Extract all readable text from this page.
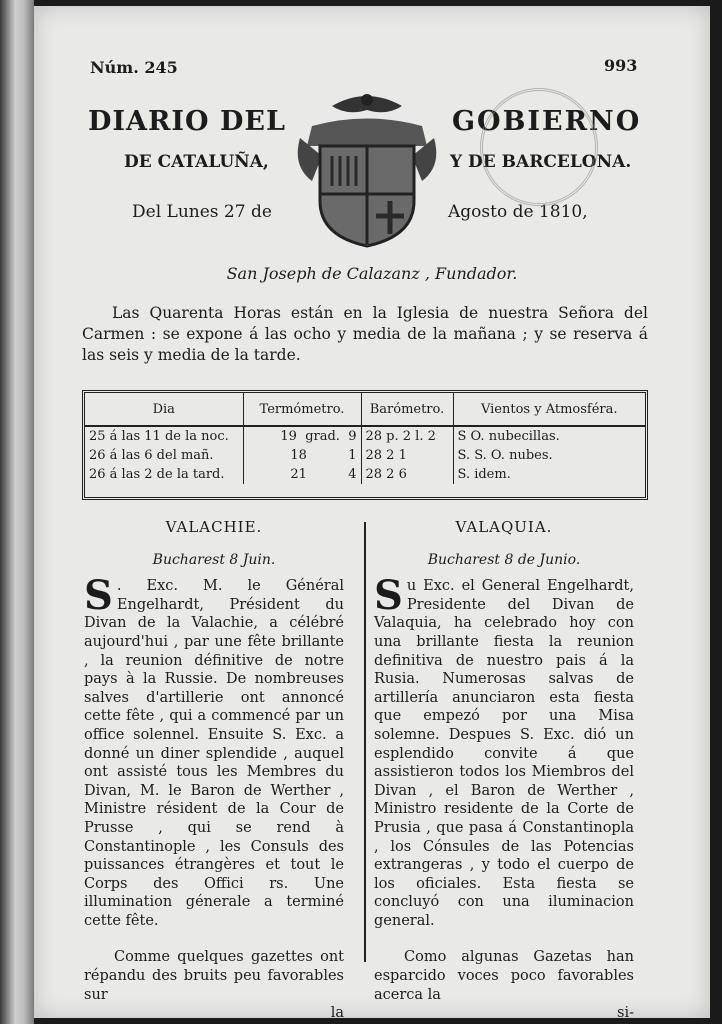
Núm. 245	993
DIARIO DEL	GOBIERNO
DE CATALUÑA,	Y DE BARCELONA.
Del Lunes 27 de	Agosto de 1810,
San Joseph de Calazanz , Fundador.
Las Quarenta Horas están en la Iglesia de nuestra Señora del Carmen : se expone á las ocho y media de la mañana ; y se reserva á las seis y media de la tarde.
Dia	Termómetro.	Barómetro.	Vientos y Atmosféra.
25 á las 11 de la noc.	19 grad. 9	28 p. 2 l. 2	S O. nubecillas.
26 á las 6 del mañ.	18 1	28 2 1	S. S. O. nubes.
26 á las 2 de la tard.	21 4	28 2 6	S. idem.
VALACHIE.
Bucharest 8 Juin.

S . Exc. M. le Général Engelhardt, Président du Divan de la Valachie, a célébré aujourd'hui , par une fête brillante , la reunion définitive de notre pays à la Russie. De nombreuses salves d'artillerie ont annoncé cette fête , qui a commencé par un office solennel. Ensuite S. Exc. a donné un diner splendide , auquel ont assisté tous les Membres du Divan, M. le Baron de Werther , Ministre résident de la Cour de Prusse , qui se rend à Constantinople , les Consuls des puissances étrangères et tout le Corps des Offici rs. Une illumination génerale a terminé cette fête.

Comme quelques gazettes ont répandu des bruits peu favorables sur

la

VALAQUIA.
Bucharest 8 de Junio.

Su Exc. el General Engelhardt, Presidente del Divan de Valaquia, ha celebrado hoy con una brillante fiesta la reunion definitiva de nuestro pais á la Rusia. Numerosas salvas de artillería anunciaron esta fiesta que empezó por una Misa solemne. Despues S. Exc. dió un esplendido convite á que assistieron todos los Miembros del Divan , el Baron de Werther , Ministro residente de la Corte de Prusia , que pasa á Constantinopla , los Cónsules de las Potencias extrangeras , y todo el cuerpo de los oficiales. Esta fiesta se concluyó con una iluminacion general.

Como algunas Gazetas han esparcido voces poco favorables acerca la

si-
